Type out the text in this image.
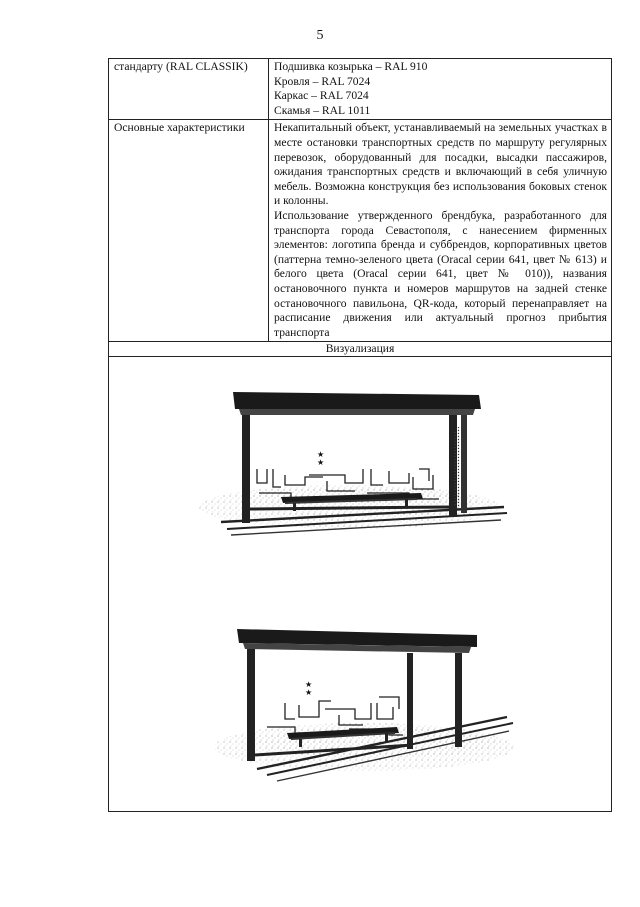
5
стандарту (RAL CLASSIK)	Подшивка козырька – RAL 910
Кровля – RAL 7024
Каркас – RAL 7024
Скамья – RAL 1011

Основные характеристики	Некапитальный объект, устанавливаемый на земельных участках в месте остановки транспортных средств по маршруту регулярных перевозок, оборудованный для посадки, высадки пассажиров, ожидания транспортных средств и включающий в себя уличную мебель. Возможна конструкция без использования боковых стенок и колонны.

Использование утвержденного брендбука, разработанного для транспорта города Севастополя, с нанесением фирменных элементов: логотипа бренда и суббрендов, корпоративных цветов (паттерна темно-зеленого цвета (Oracal серии 641, цвет № 613) и белого цвета (Oracal серии 641, цвет № 010)), названия остановочного пункта и номеров маршрутов на задней стенке остановочного павильона, QR-кода, который перенаправляет на расписание движения или актуальный прогноз прибытия транспорта

Визуализация	

★
★
★
★	
